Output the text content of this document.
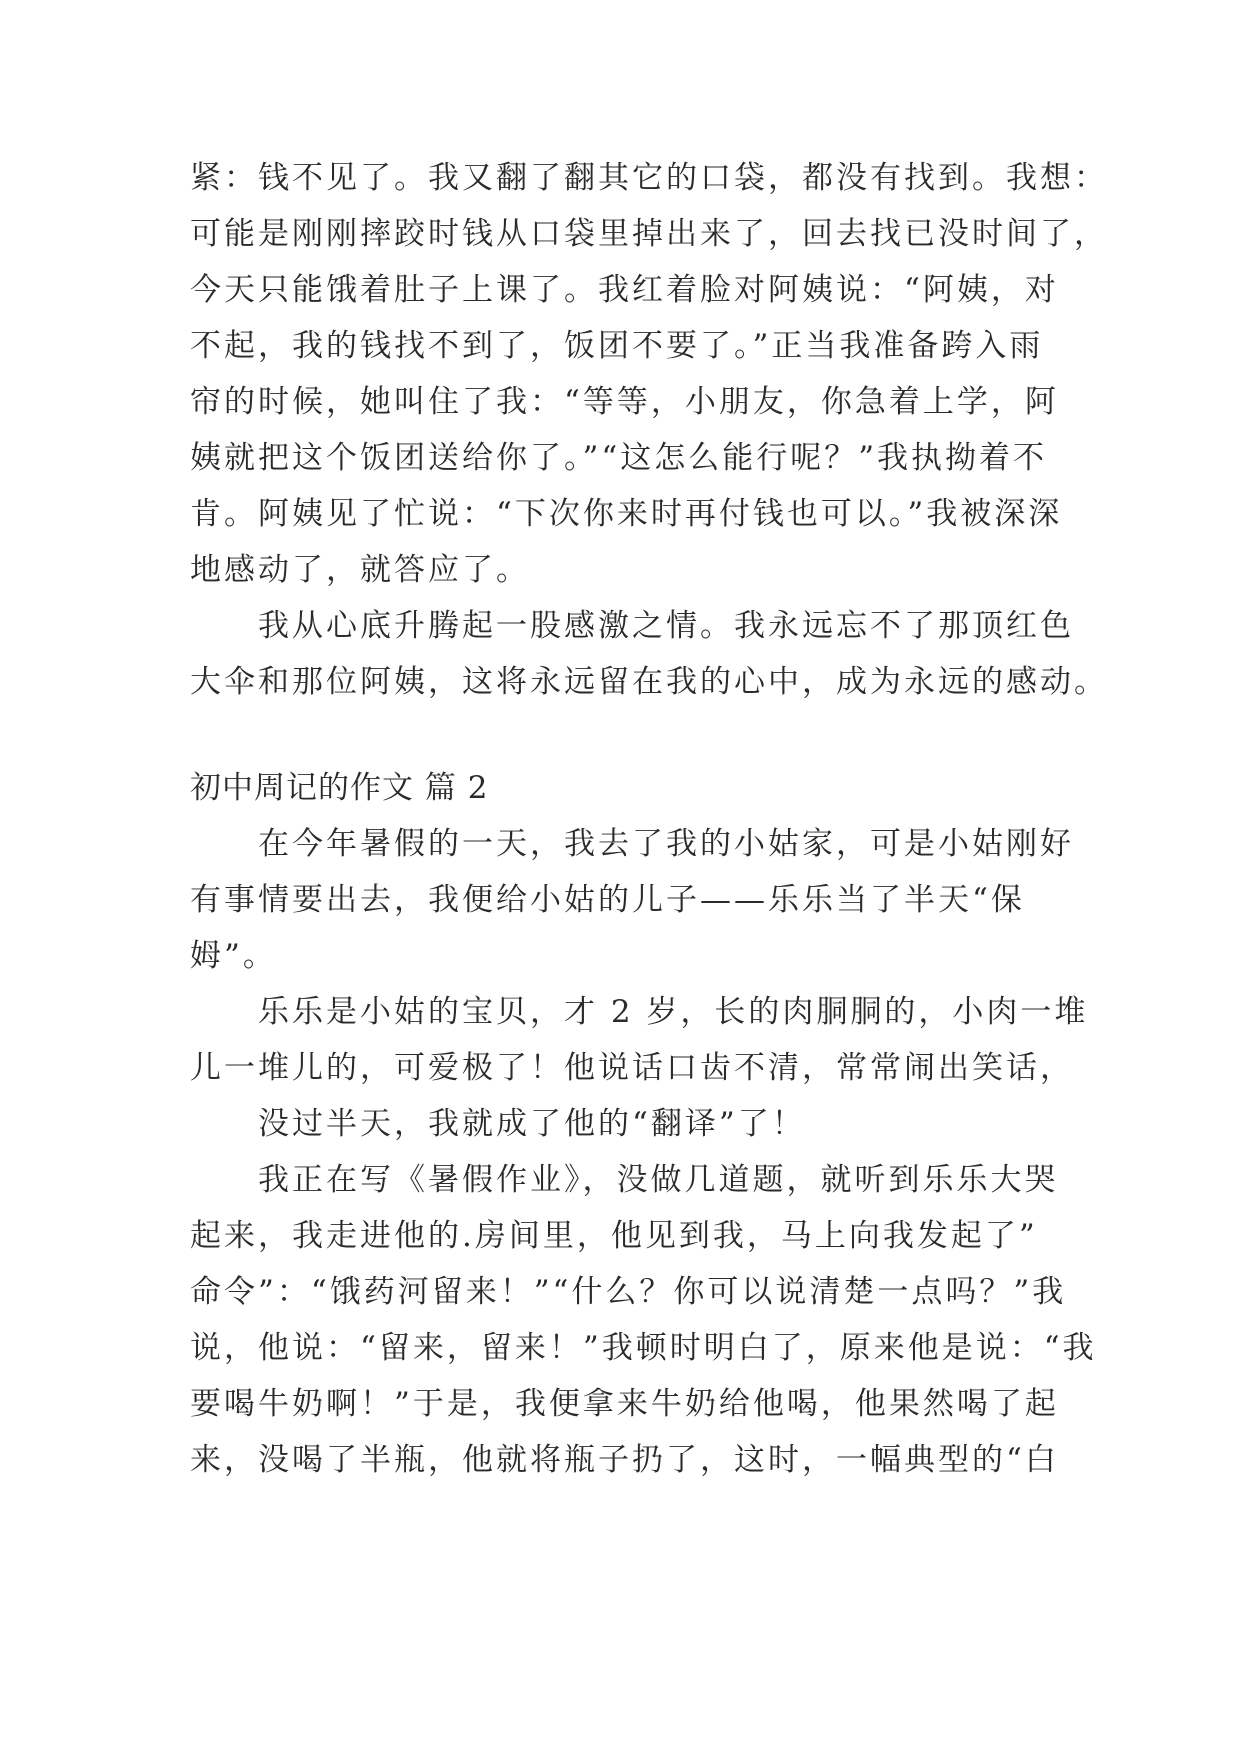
紧：钱不见了。我又翻了翻其它的口袋，都没有找到。我想：
可能是刚刚摔跤时钱从口袋里掉出来了，回去找已没时间了，
今天只能饿着肚子上课了。我红着脸对阿姨说：“阿姨，对
不起，我的钱找不到了，饭团不要了。”正当我准备跨入雨
帘的时候，她叫住了我：“等等，小朋友，你急着上学，阿
姨就把这个饭团送给你了。”“这怎么能行呢？”我执拗着不
肯。阿姨见了忙说：“下次你来时再付钱也可以。”我被深深
地感动了，就答应了。
　　我从心底升腾起一股感激之情。我永远忘不了那顶红色
大伞和那位阿姨，这将永远留在我的心中，成为永远的感动。
初中周记的作文 篇 2
　　在今年暑假的一天，我去了我的小姑家，可是小姑刚好
有事情要出去，我便给小姑的儿子——乐乐当了半天“保
姆”。
　　乐乐是小姑的宝贝，才 2 岁，长的肉胴胴的，小肉一堆
儿一堆儿的，可爱极了！他说话口齿不清，常常闹出笑话，
　　没过半天，我就成了他的“翻译”了！
　　我正在写《暑假作业》，没做几道题，就听到乐乐大哭
起来，我走进他的.房间里，他见到我，马上向我发起了”
命令”：“饿药河留来！”“什么？你可以说清楚一点吗？”我
说，他说：“留来，留来！”我顿时明白了，原来他是说：“我
要喝牛奶啊！”于是，我便拿来牛奶给他喝，他果然喝了起
来，没喝了半瓶，他就将瓶子扔了，这时，一幅典型的“白
